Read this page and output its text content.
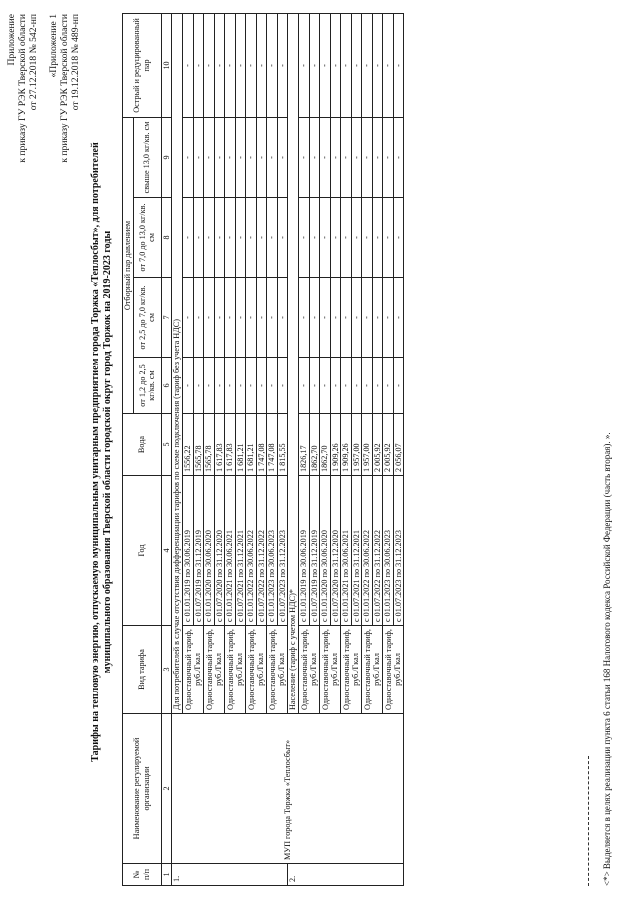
Приложение к приказу ГУ РЭК Тверской области от 27.12.2018 № 542-нп «Приложение 1 к приказу ГУ РЭК Тверской области от 19.12.2018 № 489-нп
Тарифы на тепловую энергию, отпускаемую муниципальным унитарным предприятием города Торжка «Теплосбыт», для потребителей муниципального образования Тверской области городской округ город Торжок на 2019-2023 годы
№ п/п	Наименование регулируемой организации	Вид тарифа	Год	Вода	Отборный пар давлением				Острый и редуцированный пар
					от 1,2 до 2,5 кг/кв. см	от 2,5 до 7,0 кг/кв. см	от 7,0 до 13,0 кг/кв. см	свыше 13,0 кг/кв. см	
1	2	3	4	5	6	7	8	9	10
1.	МУП города Торжка «Теплосбыт»	Для потребителей в случае отсутствия дифференциации тарифов по схеме подключения (тариф без учета НДС)							
		Одноставочный тариф, руб./Гкал	с 01.01.2019 по 30.06.2019	1556,22	-	-	-	-	-
			с 01.07.2019 по 31.12.2019	1565,78	-	-	-	-	-
		Одноставочный тариф, руб./Гкал	с 01.01.2020 по 30.06.2020	1565,78	-	-	-	-	-
			с 01.07.2020 по 31.12.2020	1 617,83	-	-	-	-	-
		Одноставочный тариф, руб./Гкал	с 01.01.2021 по 30.06.2021	1 617,83	-	-	-	-	-
			с 01.07.2021 по 31.12.2021	1 681,21	-	-	-	-	-
		Одноставочный тариф, руб./Гкал	с 01.01.2022 по 30.06.2022	1 681,21	-	-	-	-	-
			с 01.07.2022 по 31.12.2022	1 747,08	-	-	-	-	-
		Одноставочный тариф, руб./Гкал	с 01.01.2023 по 30.06.2023	1 747,08	-	-	-	-	-
			с 01.07.2023 по 31.12.2023	1 815,55	-	-	-	-	-
2.		Население (тариф с учетом НДС)*							
		Одноставочный тариф, руб./Гкал	с 01.01.2019 по 30.06.2019	1826,17	-	-	-	-	-
			с 01.07.2019 по 31.12.2019	1862,70	-	-	-	-	-
		Одноставочный тариф, руб./Гкал	с 01.01.2020 по 30.06.2020	1862,70	-	-	-	-	-
			с 01.07.2020 по 31.12.2020	1 909,26	-	-	-	-	-
		Одноставочный тариф, руб./Гкал	с 01.01.2021 по 30.06.2021	1 909,26	-	-	-	-	-
			с 01.07.2021 по 31.12.2021	1 957,00	-	-	-	-	-
		Одноставочный тариф, руб./Гкал	с 01.01.2022 по 30.06.2022	1 957,00	-	-	-	-	-
			с 01.07.2022 по 31.12.2022	2 005,92	-	-	-	-	-
		Одноставочный тариф, руб./Гкал	с 01.01.2023 по 30.06.2023	2 005,92	-	-	-	-	-
			с 01.07.2023 по 31.12.2023	2 056,07	-	-	-	-	-
<*> Выделяется в целях реализации пункта 6 статьи 168 Налогового кодекса Российской Федерации (часть вторая). ».
